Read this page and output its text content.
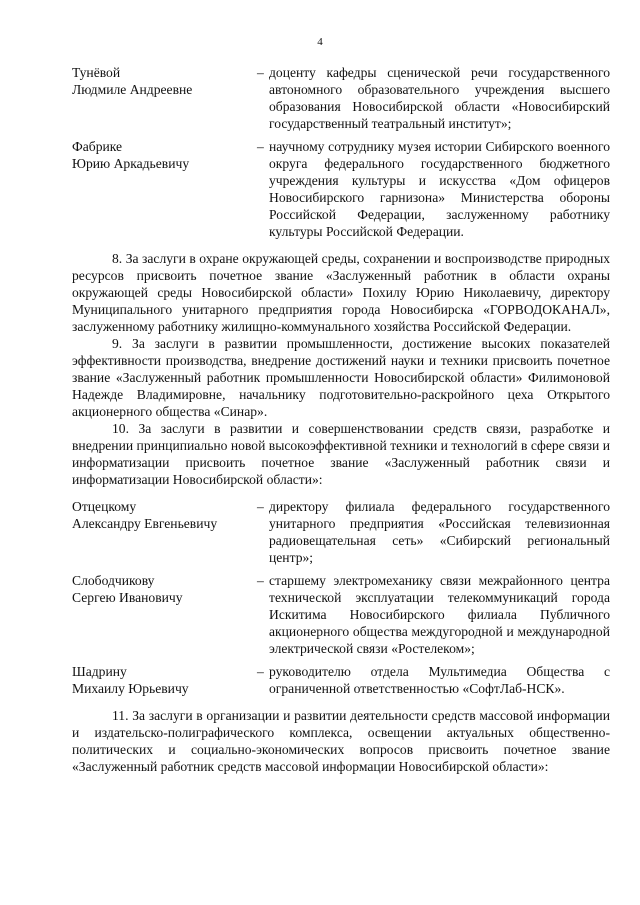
4
Тунёвой
Людмиле Андреевне
– доценту кафедры сценической речи государственного автономного образовательного учреждения высшего образования Новосибирской области «Новосибирский государственный театральный институт»;
Фабрике
Юрию Аркадьевичу
– научному сотруднику музея истории Сибирского военного округа федерального государственного бюджетного учреждения культуры и искусства «Дом офицеров Новосибирского гарнизона» Министерства обороны Российской Федерации, заслуженному работнику культуры Российской Федерации.

8. За заслуги в охране окружающей среды, сохранении и воспроизводстве природных ресурсов присвоить почетное звание «Заслуженный работник в области охраны окружающей среды Новосибирской области» Похилу Юрию Николаевичу, директору Муниципального унитарного предприятия города Новосибирска «ГОРВОДОКАНАЛ», заслуженному работнику жилищно-коммунального хозяйства Российской Федерации.

9. За заслуги в развитии промышленности, достижение высоких показателей эффективности производства, внедрение достижений науки и техники присвоить почетное звание «Заслуженный работник промышленности Новосибирской области» Филимоновой Надежде Владимировне, начальнику подготовительно-раскройного цеха Открытого акционерного общества «Синар».

10. За заслуги в развитии и совершенствовании средств связи, разработке и внедрении принципиально новой высокоэффективной техники и технологий в сфере связи и информатизации присвоить почетное звание «Заслуженный работник связи и информатизации Новосибирской области»:

Отцецкому
Александру Евгеньевичу
– директору филиала федерального государственного унитарного предприятия «Российская телевизионная радиовещательная сеть» «Сибирский региональный центр»;
Слободчикову
Сергею Ивановичу
– старшему электромеханику связи межрайонного центра технической эксплуатации телекоммуникаций города Искитима Новосибирского филиала Публичного акционерного общества междугородной и международной электрической связи «Ростелеком»;
Шадрину
Михаилу Юрьевичу
– руководителю отдела Мультимедиа Общества с ограниченной ответственностью «СофтЛаб-НСК».

11. За заслуги в организации и развитии деятельности средств массовой информации и издательско-полиграфического комплекса, освещении актуальных общественно-политических и социально-экономических вопросов присвоить почетное звание «Заслуженный работник средств массовой информации Новосибирской области»:
